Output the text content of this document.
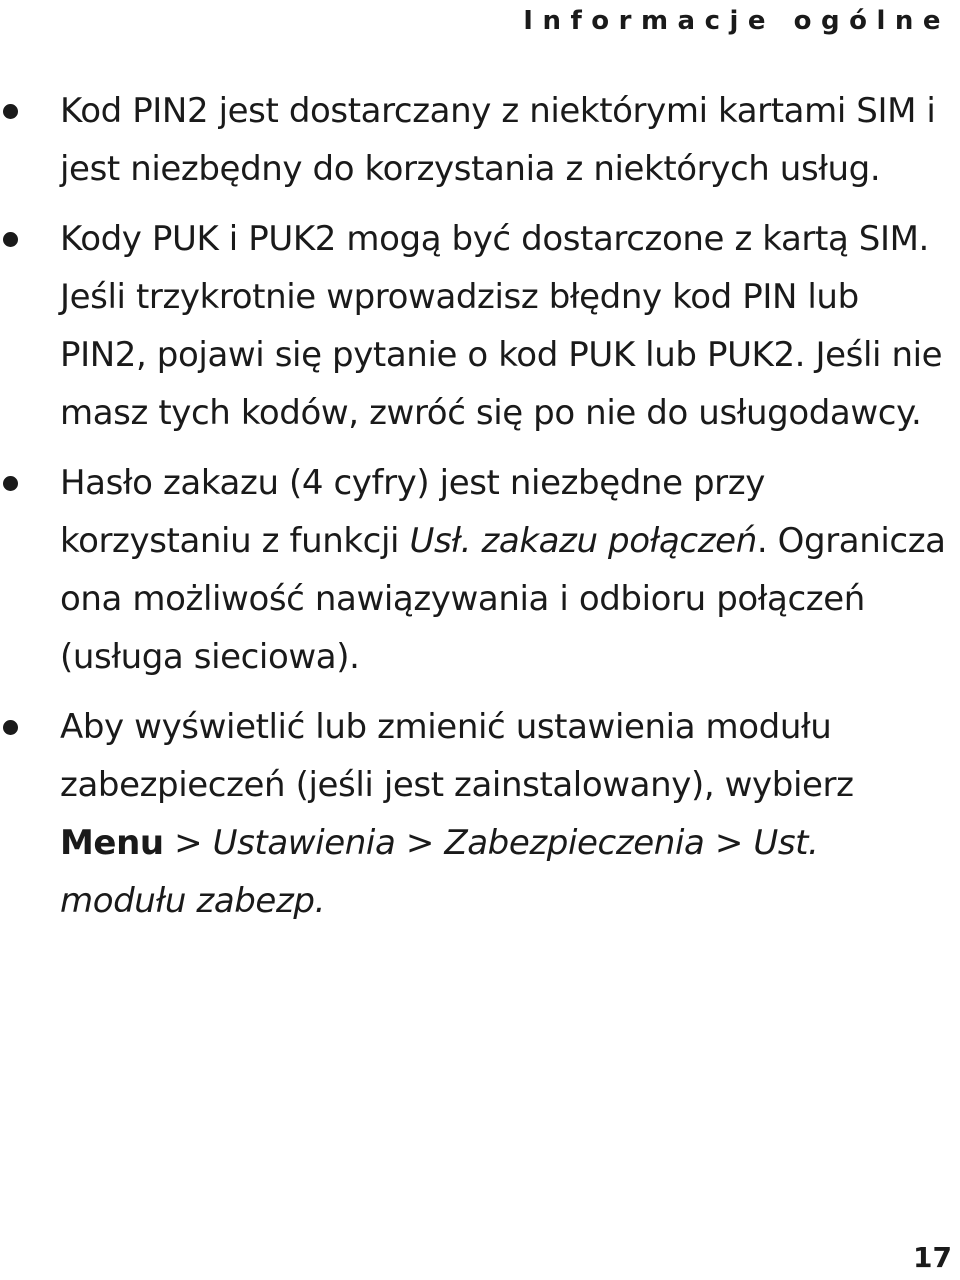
Informacje ogólne
Kod PIN2 jest dostarczany z niektórymi kartami SIM i jest niezbędny do korzystania z niektórych usług.
Kody PUK i PUK2 mogą być dostarczone z kartą SIM. Jeśli trzykrotnie wprowadzisz błędny kod PIN lub PIN2, pojawi się pytanie o kod PUK lub PUK2. Jeśli nie masz tych kodów, zwróć się po nie do usługodawcy.
Hasło zakazu (4 cyfry) jest niezbędne przy korzystaniu z funkcji Usł. zakazu połączeń. Ogranicza ona możliwość nawiązywania i odbioru połączeń (usługa sieciowa).
Aby wyświetlić lub zmienić ustawienia modułu zabezpieczeń (jeśli jest zainstalowany), wybierz Menu > Ustawienia > Zabezpieczenia > Ust. modułu zabezp.
17
